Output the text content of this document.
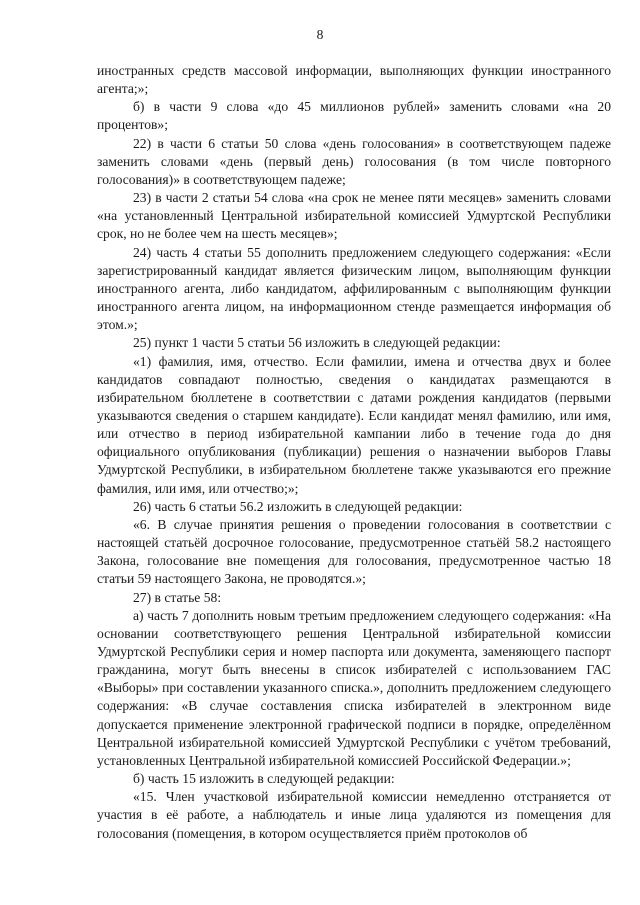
8

иностранных средств массовой информации, выполняющих функции иностранного агента;»;

б) в части 9 слова «до 45 миллионов рублей» заменить словами «на 20 процентов»;

22) в части 6 статьи 50 слова «день голосования» в соответствующем падеже заменить словами «день (первый день) голосования (в том числе повторного голосования)» в соответствующем падеже;

23) в части 2 статьи 54 слова «на срок не менее пяти месяцев» заменить словами «на установленный Центральной избирательной комиссией Удмуртской Республики срок, но не более чем на шесть месяцев»;

24) часть 4 статьи 55 дополнить предложением следующего содержания: «Если зарегистрированный кандидат является физическим лицом, выполняющим функции иностранного агента, либо кандидатом, аффилированным с выполняющим функции иностранного агента лицом, на информационном стенде размещается информация об этом.»;

25) пункт 1 части 5 статьи 56 изложить в следующей редакции:

«1) фамилия, имя, отчество. Если фамилии, имена и отчества двух и более кандидатов совпадают полностью, сведения о кандидатах размещаются в избирательном бюллетене в соответствии с датами рождения кандидатов (первыми указываются сведения о старшем кандидате). Если кандидат менял фамилию, или имя, или отчество в период избирательной кампании либо в течение года до дня официального опубликования (публикации) решения о назначении выборов Главы Удмуртской Республики, в избирательном бюллетене также указываются его прежние фамилия, или имя, или отчество;»;

26) часть 6 статьи 56.2 изложить в следующей редакции:

«6. В случае принятия решения о проведении голосования в соответствии с настоящей статьёй досрочное голосование, предусмотренное статьёй 58.2 настоящего Закона, голосование вне помещения для голосования, предусмотренное частью 18 статьи 59 настоящего Закона, не проводятся.»;

27) в статье 58:

а) часть 7 дополнить новым третьим предложением следующего содержания: «На основании соответствующего решения Центральной избирательной комиссии Удмуртской Республики серия и номер паспорта или документа, заменяющего паспорт гражданина, могут быть внесены в список избирателей с использованием ГАС «Выборы» при составлении указанного списка.», дополнить предложением следующего содержания: «В случае составления списка избирателей в электронном виде допускается применение электронной графической подписи в порядке, определённом Центральной избирательной комиссией Удмуртской Республики с учётом требований, установленных Центральной избирательной комиссией Российской Федерации.»;

б) часть 15 изложить в следующей редакции:

«15. Член участковой избирательной комиссии немедленно отстраняется от участия в её работе, а наблюдатель и иные лица удаляются из помещения для голосования (помещения, в котором осуществляется приём протоколов об
